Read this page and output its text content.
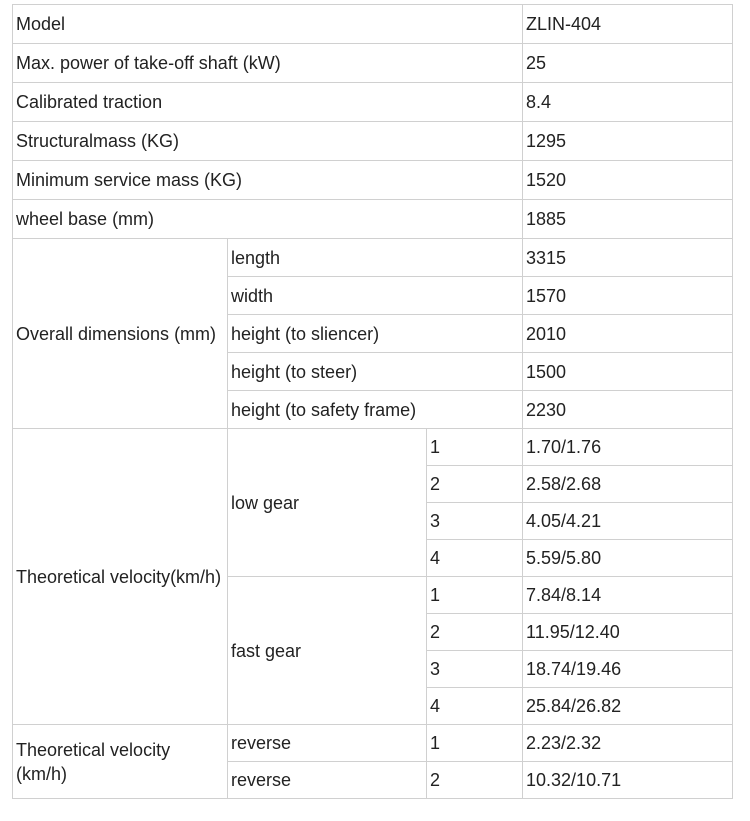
Model			ZLIN-404
Max. power of take-off shaft (kW)			25
Calibrated traction			8.4
Structuralmass (KG)			1295
Minimum service mass (KG)			1520
wheel base (mm)			1885
Overall dimensions (mm)	length		3315
	width		1570
	height (to sliencer)		2010
	height (to steer)		1500
	height (to safety frame)		2230
Theoretical velocity(km/h)	low gear	1	1.70/1.76
		2	2.58/2.68
		3	4.05/4.21
		4	5.59/5.80
	fast gear	1	7.84/8.14
		2	11.95/12.40
		3	18.74/19.46
		4	25.84/26.82
Theoretical velocity (km/h)	reverse	1	2.23/2.32
	reverse	2	10.32/10.71
